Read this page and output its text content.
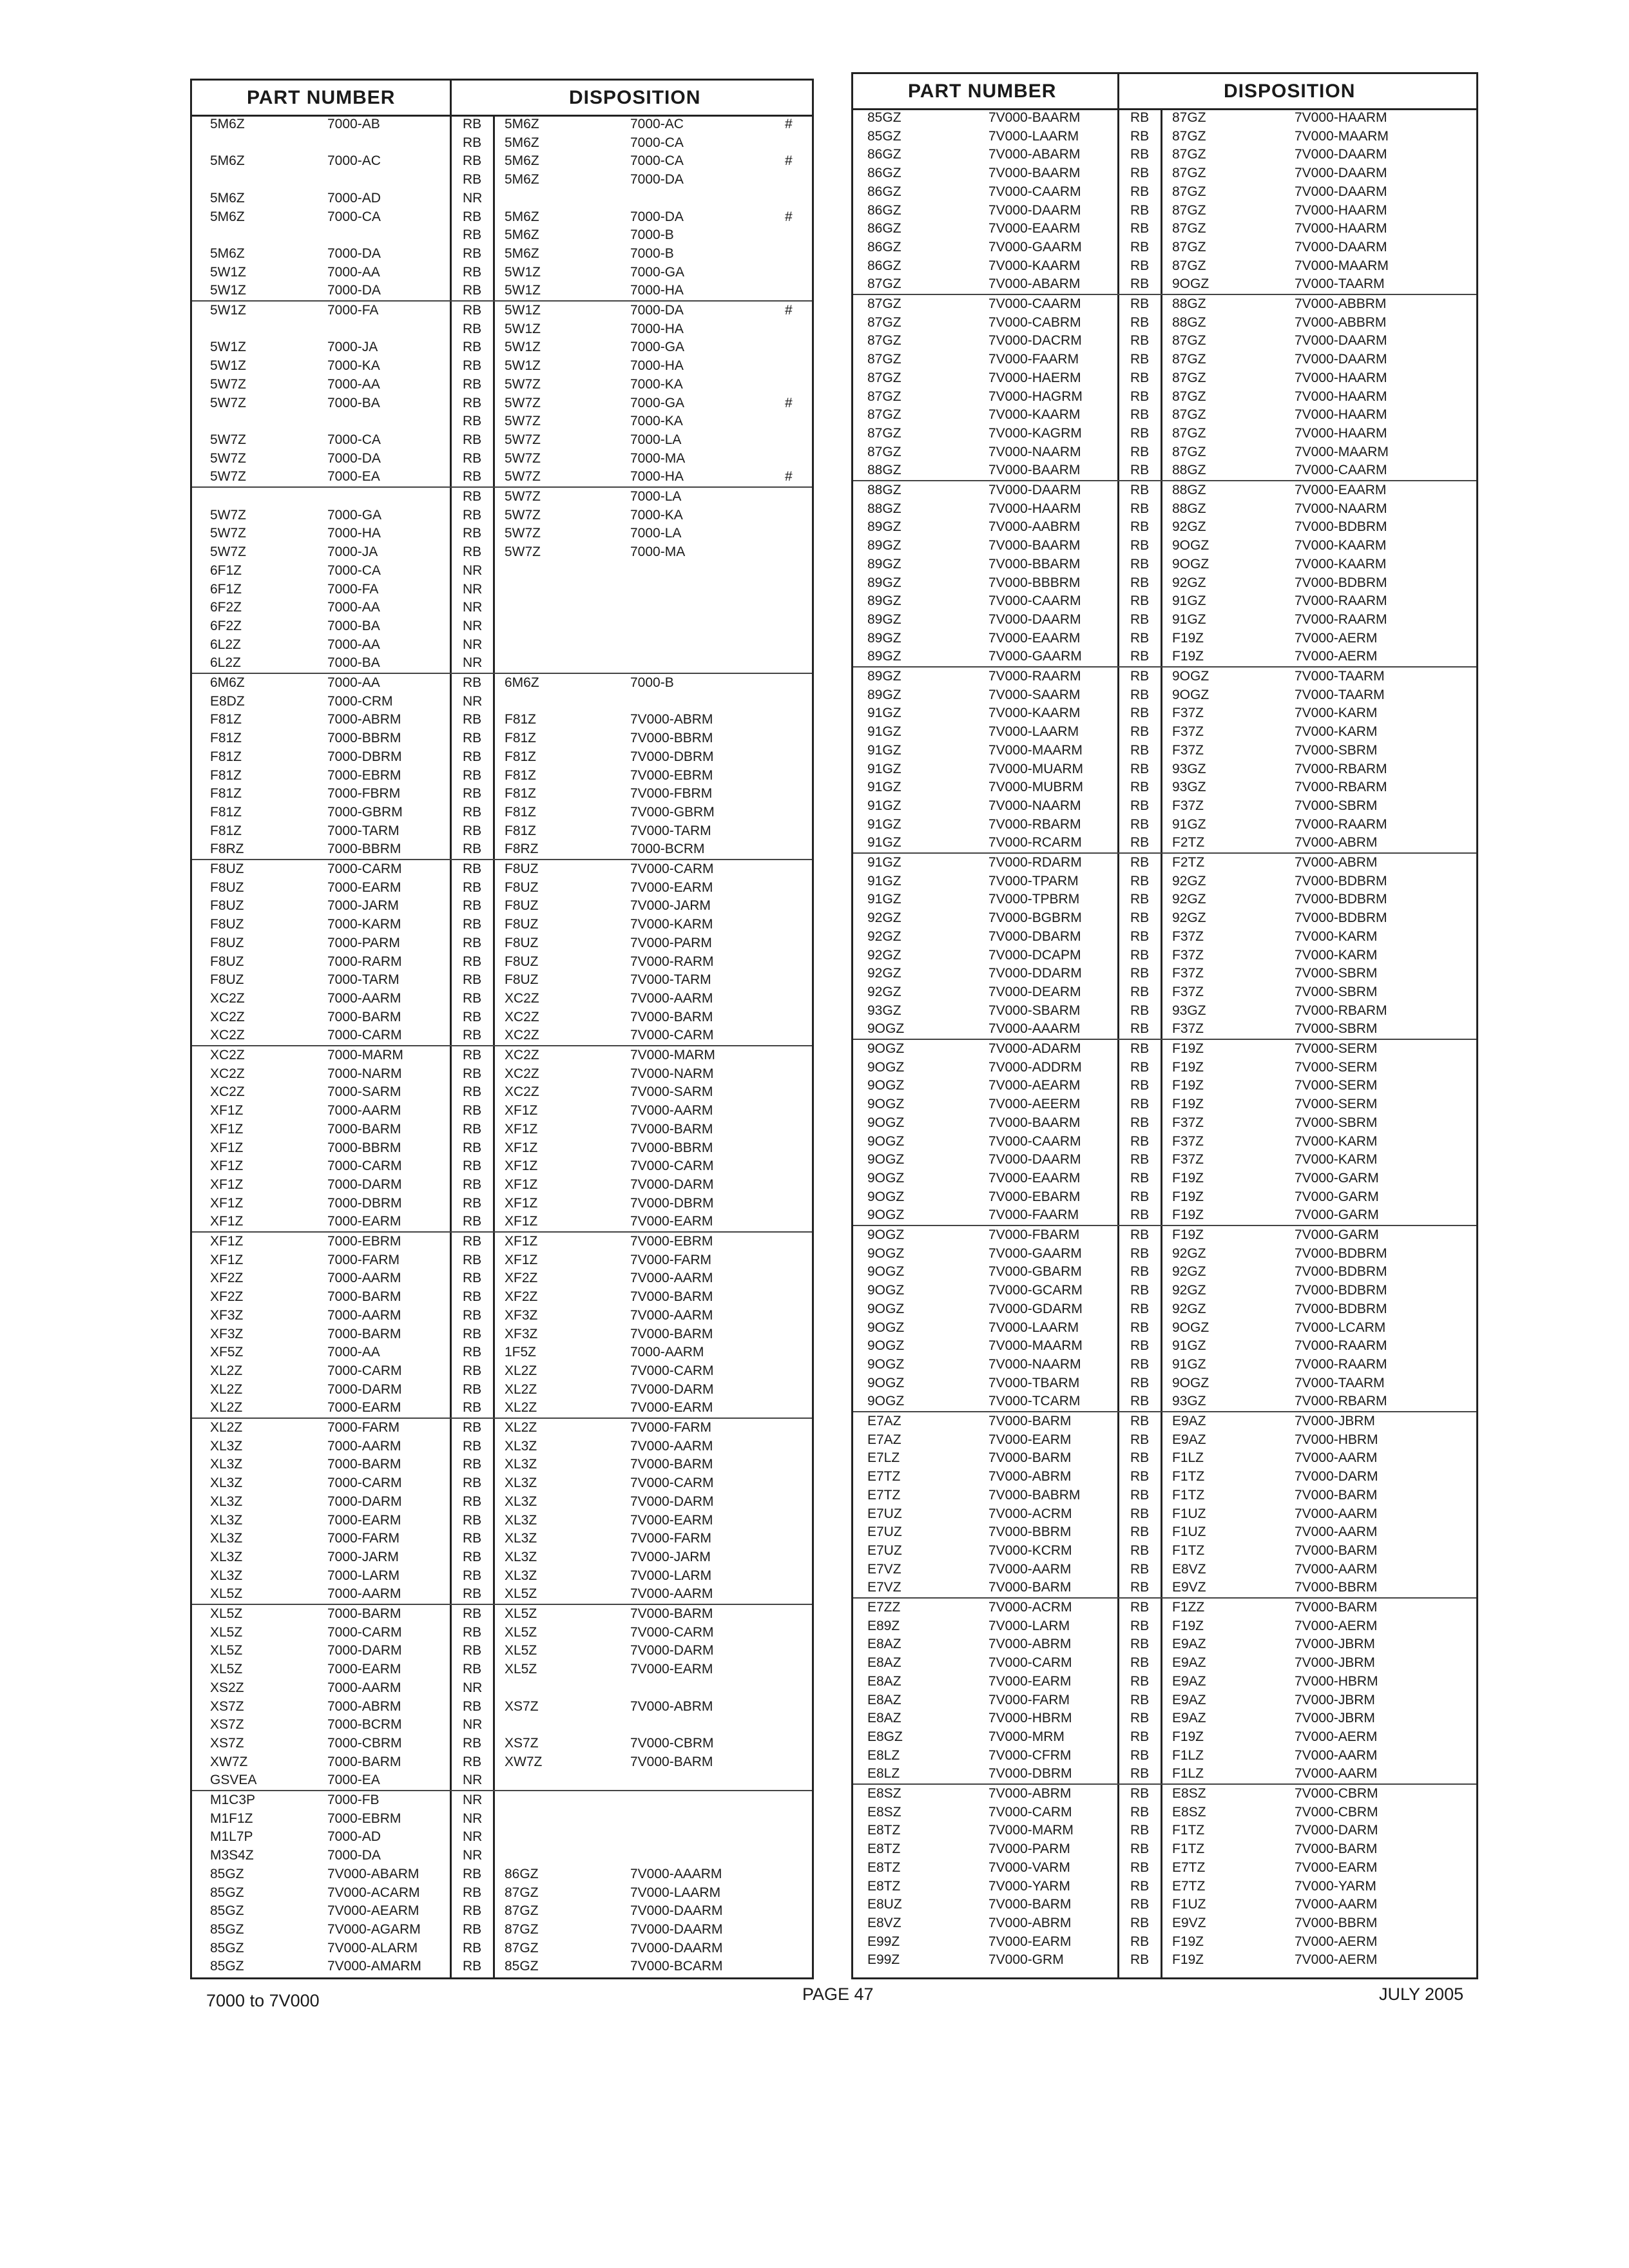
PART NUMBER	DISPOSITION
5M6Z	7000-AB	RB 5M6Z	7000-AC	#
RB 5M6Z	7000-CA
5M6Z	7000-AC	RB 5M6Z	7000-CA	#
RB 5M6Z	7000-DA
5M6Z	7000-AD	NR
5M6Z	7000-CA	RB 5M6Z	7000-DA	#
RB 5M6Z	7000-B
5M6Z	7000-DA	RB 5M6Z	7000-B
5W1Z	7000-AA	RB 5W1Z	7000-GA
5W1Z	7000-DA	RB 5W1Z	7000-HA
5W1Z	7000-FA	RB 5W1Z	7000-DA	#
RB 5W1Z	7000-HA
5W1Z	7000-JA	RB 5W1Z	7000-GA
5W1Z	7000-KA	RB 5W1Z	7000-HA
5W7Z	7000-AA	RB 5W7Z	7000-KA
5W7Z	7000-BA	RB 5W7Z	7000-GA	#
RB 5W7Z	7000-KA
5W7Z	7000-CA	RB 5W7Z	7000-LA
5W7Z	7000-DA	RB 5W7Z	7000-MA
5W7Z	7000-EA	RB 5W7Z	7000-HA	#
RB 5W7Z	7000-LA
5W7Z	7000-GA	RB 5W7Z	7000-KA
5W7Z	7000-HA	RB 5W7Z	7000-LA
5W7Z	7000-JA	RB 5W7Z	7000-MA
6F1Z	7000-CA	NR
6F1Z	7000-FA	NR
6F2Z	7000-AA	NR
6F2Z	7000-BA	NR
6L2Z	7000-AA	NR
6L2Z	7000-BA	NR
6M6Z	7000-AA	RB 6M6Z	7000-B
E8DZ	7000-CRM	NR
F81Z	7000-ABRM	RB F81Z	7V000-ABRM
F81Z	7000-BBRM	RB F81Z	7V000-BBRM
F81Z	7000-DBRM	RB F81Z	7V000-DBRM
F81Z	7000-EBRM	RB F81Z	7V000-EBRM
F81Z	7000-FBRM	RB F81Z	7V000-FBRM
F81Z	7000-GBRM	RB F81Z	7V000-GBRM
F81Z	7000-TARM	RB F81Z	7V000-TARM
F8RZ	7000-BBRM	RB F8RZ	7000-BCRM
F8UZ	7000-CARM	RB F8UZ	7V000-CARM
F8UZ	7000-EARM	RB F8UZ	7V000-EARM
F8UZ	7000-JARM	RB F8UZ	7V000-JARM
F8UZ	7000-KARM	RB F8UZ	7V000-KARM
F8UZ	7000-PARM	RB F8UZ	7V000-PARM
F8UZ	7000-RARM	RB F8UZ	7V000-RARM
F8UZ	7000-TARM	RB F8UZ	7V000-TARM
XC2Z	7000-AARM	RB XC2Z	7V000-AARM
XC2Z	7000-BARM	RB XC2Z	7V000-BARM
XC2Z	7000-CARM	RB XC2Z	7V000-CARM
XC2Z	7000-MARM	RB XC2Z	7V000-MARM
XC2Z	7000-NARM	RB XC2Z	7V000-NARM
XC2Z	7000-SARM	RB XC2Z	7V000-SARM
XF1Z	7000-AARM	RB XF1Z	7V000-AARM
XF1Z	7000-BARM	RB XF1Z	7V000-BARM
XF1Z	7000-BBRM	RB XF1Z	7V000-BBRM
XF1Z	7000-CARM	RB XF1Z	7V000-CARM
XF1Z	7000-DARM	RB XF1Z	7V000-DARM
XF1Z	7000-DBRM	RB XF1Z	7V000-DBRM
XF1Z	7000-EARM	RB XF1Z	7V000-EARM
XF1Z	7000-EBRM	RB XF1Z	7V000-EBRM
XF1Z	7000-FARM	RB XF1Z	7V000-FARM
XF2Z	7000-AARM	RB XF2Z	7V000-AARM
XF2Z	7000-BARM	RB XF2Z	7V000-BARM
XF3Z	7000-AARM	RB XF3Z	7V000-AARM
XF3Z	7000-BARM	RB XF3Z	7V000-BARM
XF5Z	7000-AA	RB 1F5Z	7000-AARM
XL2Z	7000-CARM	RB XL2Z	7V000-CARM
XL2Z	7000-DARM	RB XL2Z	7V000-DARM
XL2Z	7000-EARM	RB XL2Z	7V000-EARM
XL2Z	7000-FARM	RB XL2Z	7V000-FARM
XL3Z	7000-AARM	RB XL3Z	7V000-AARM
XL3Z	7000-BARM	RB XL3Z	7V000-BARM
XL3Z	7000-CARM	RB XL3Z	7V000-CARM
XL3Z	7000-DARM	RB XL3Z	7V000-DARM
XL3Z	7000-EARM	RB XL3Z	7V000-EARM
XL3Z	7000-FARM	RB XL3Z	7V000-FARM
XL3Z	7000-JARM	RB XL3Z	7V000-JARM
XL3Z	7000-LARM	RB XL3Z	7V000-LARM
XL5Z	7000-AARM	RB XL5Z	7V000-AARM
XL5Z	7000-BARM	RB XL5Z	7V000-BARM
XL5Z	7000-CARM	RB XL5Z	7V000-CARM
XL5Z	7000-DARM	RB XL5Z	7V000-DARM
XL5Z	7000-EARM	RB XL5Z	7V000-EARM
XS2Z	7000-AARM	NR
XS7Z	7000-ABRM	RB XS7Z	7V000-ABRM
XS7Z	7000-BCRM	NR
XS7Z	7000-CBRM	RB XS7Z	7V000-CBRM
XW7Z	7000-BARM	RB XW7Z	7V000-BARM
GSVEA	7000-EA	NR
M1C3P	7000-FB	NR
M1F1Z	7000-EBRM	NR
M1L7P	7000-AD	NR
M3S4Z	7000-DA	NR
85GZ	7V000-ABARM	RB 86GZ	7V000-AAARM
85GZ	7V000-ACARM	RB 87GZ	7V000-LAARM
85GZ	7V000-AEARM	RB 87GZ	7V000-DAARM
85GZ	7V000-AGARM	RB 87GZ	7V000-DAARM
85GZ	7V000-ALARM	RB 87GZ	7V000-DAARM
85GZ	7V000-AMARM	RB 85GZ	7V000-BCARM
PART NUMBER	DISPOSITION
85GZ	7V000-BAARM	RB 87GZ	7V000-HAARM
85GZ	7V000-LAARM	RB 87GZ	7V000-MAARM
86GZ	7V000-ABARM	RB 87GZ	7V000-DAARM
86GZ	7V000-BAARM	RB 87GZ	7V000-DAARM
86GZ	7V000-CAARM	RB 87GZ	7V000-DAARM
86GZ	7V000-DAARM	RB 87GZ	7V000-HAARM
86GZ	7V000-EAARM	RB 87GZ	7V000-HAARM
86GZ	7V000-GAARM	RB 87GZ	7V000-DAARM
86GZ	7V000-KAARM	RB 87GZ	7V000-MAARM
87GZ	7V000-ABARM	RB 9OGZ	7V000-TAARM
87GZ	7V000-CAARM	RB 88GZ	7V000-ABBRM
87GZ	7V000-CABRM	RB 88GZ	7V000-ABBRM
87GZ	7V000-DACRM	RB 87GZ	7V000-DAARM
87GZ	7V000-FAARM	RB 87GZ	7V000-DAARM
87GZ	7V000-HAERM	RB 87GZ	7V000-HAARM
87GZ	7V000-HAGRM	RB 87GZ	7V000-HAARM
87GZ	7V000-KAARM	RB 87GZ	7V000-HAARM
87GZ	7V000-KAGRM	RB 87GZ	7V000-HAARM
87GZ	7V000-NAARM	RB 87GZ	7V000-MAARM
88GZ	7V000-BAARM	RB 88GZ	7V000-CAARM
88GZ	7V000-DAARM	RB 88GZ	7V000-EAARM
88GZ	7V000-HAARM	RB 88GZ	7V000-NAARM
89GZ	7V000-AABRM	RB 92GZ	7V000-BDBRM
89GZ	7V000-BAARM	RB 9OGZ	7V000-KAARM
89GZ	7V000-BBARM	RB 9OGZ	7V000-KAARM
89GZ	7V000-BBBRM	RB 92GZ	7V000-BDBRM
89GZ	7V000-CAARM	RB 91GZ	7V000-RAARM
89GZ	7V000-DAARM	RB 91GZ	7V000-RAARM
89GZ	7V000-EAARM	RB F19Z	7V000-AERM
89GZ	7V000-GAARM	RB F19Z	7V000-AERM
89GZ	7V000-RAARM	RB 9OGZ	7V000-TAARM
89GZ	7V000-SAARM	RB 9OGZ	7V000-TAARM
91GZ	7V000-KAARM	RB F37Z	7V000-KARM
91GZ	7V000-LAARM	RB F37Z	7V000-KARM
91GZ	7V000-MAARM	RB F37Z	7V000-SBRM
91GZ	7V000-MUARM	RB 93GZ	7V000-RBARM
91GZ	7V000-MUBRM	RB 93GZ	7V000-RBARM
91GZ	7V000-NAARM	RB F37Z	7V000-SBRM
91GZ	7V000-RBARM	RB 91GZ	7V000-RAARM
91GZ	7V000-RCARM	RB F2TZ	7V000-ABRM
91GZ	7V000-RDARM	RB F2TZ	7V000-ABRM
91GZ	7V000-TPARM	RB 92GZ	7V000-BDBRM
91GZ	7V000-TPBRM	RB 92GZ	7V000-BDBRM
92GZ	7V000-BGBRM	RB 92GZ	7V000-BDBRM
92GZ	7V000-DBARM	RB F37Z	7V000-KARM
92GZ	7V000-DCAPM	RB F37Z	7V000-KARM
92GZ	7V000-DDARM	RB F37Z	7V000-SBRM
92GZ	7V000-DEARM	RB F37Z	7V000-SBRM
93GZ	7V000-SBARM	RB 93GZ	7V000-RBARM
9OGZ	7V000-AAARM	RB F37Z	7V000-SBRM
9OGZ	7V000-ADARM	RB F19Z	7V000-SERM
9OGZ	7V000-ADDRM	RB F19Z	7V000-SERM
9OGZ	7V000-AEARM	RB F19Z	7V000-SERM
9OGZ	7V000-AEERM	RB F19Z	7V000-SERM
9OGZ	7V000-BAARM	RB F37Z	7V000-SBRM
9OGZ	7V000-CAARM	RB F37Z	7V000-KARM
9OGZ	7V000-DAARM	RB F37Z	7V000-KARM
9OGZ	7V000-EAARM	RB F19Z	7V000-GARM
9OGZ	7V000-EBARM	RB F19Z	7V000-GARM
9OGZ	7V000-FAARM	RB F19Z	7V000-GARM
9OGZ	7V000-FBARM	RB F19Z	7V000-GARM
9OGZ	7V000-GAARM	RB 92GZ	7V000-BDBRM
9OGZ	7V000-GBARM	RB 92GZ	7V000-BDBRM
9OGZ	7V000-GCARM	RB 92GZ	7V000-BDBRM
9OGZ	7V000-GDARM	RB 92GZ	7V000-BDBRM
9OGZ	7V000-LAARM	RB 9OGZ	7V000-LCARM
9OGZ	7V000-MAARM	RB 91GZ	7V000-RAARM
9OGZ	7V000-NAARM	RB 91GZ	7V000-RAARM
9OGZ	7V000-TBARM	RB 9OGZ	7V000-TAARM
9OGZ	7V000-TCARM	RB 93GZ	7V000-RBARM
E7AZ	7V000-BARM	RB E9AZ	7V000-JBRM
E7AZ	7V000-EARM	RB E9AZ	7V000-HBRM
E7LZ	7V000-BARM	RB F1LZ	7V000-AARM
E7TZ	7V000-ABRM	RB F1TZ	7V000-DARM
E7TZ	7V000-BABRM	RB F1TZ	7V000-BARM
E7UZ	7V000-ACRM	RB F1UZ	7V000-AARM
E7UZ	7V000-BBRM	RB F1UZ	7V000-AARM
E7UZ	7V000-KCRM	RB F1TZ	7V000-BARM
E7VZ	7V000-AARM	RB E8VZ	7V000-AARM
E7VZ	7V000-BARM	RB E9VZ	7V000-BBRM
E7ZZ	7V000-ACRM	RB F1ZZ	7V000-BARM
E89Z	7V000-LARM	RB F19Z	7V000-AERM
E8AZ	7V000-ABRM	RB E9AZ	7V000-JBRM
E8AZ	7V000-CARM	RB E9AZ	7V000-JBRM
E8AZ	7V000-EARM	RB E9AZ	7V000-HBRM
E8AZ	7V000-FARM	RB E9AZ	7V000-JBRM
E8AZ	7V000-HBRM	RB E9AZ	7V000-JBRM
E8GZ	7V000-MRM	RB F19Z	7V000-AERM
E8LZ	7V000-CFRM	RB F1LZ	7V000-AARM
E8LZ	7V000-DBRM	RB F1LZ	7V000-AARM
E8SZ	7V000-ABRM	RB E8SZ	7V000-CBRM
E8SZ	7V000-CARM	RB E8SZ	7V000-CBRM
E8TZ	7V000-MARM	RB F1TZ	7V000-DARM
E8TZ	7V000-PARM	RB F1TZ	7V000-BARM
E8TZ	7V000-VARM	RB E7TZ	7V000-EARM
E8TZ	7V000-YARM	RB E7TZ	7V000-YARM
E8UZ	7V000-BARM	RB F1UZ	7V000-AARM
E8VZ	7V000-ABRM	RB E9VZ	7V000-BBRM
E99Z	7V000-EARM	RB F19Z	7V000-AERM
E99Z	7V000-GRM	RB F19Z	7V000-AERM
7000 to 7V000	PAGE 47	JULY 2005
